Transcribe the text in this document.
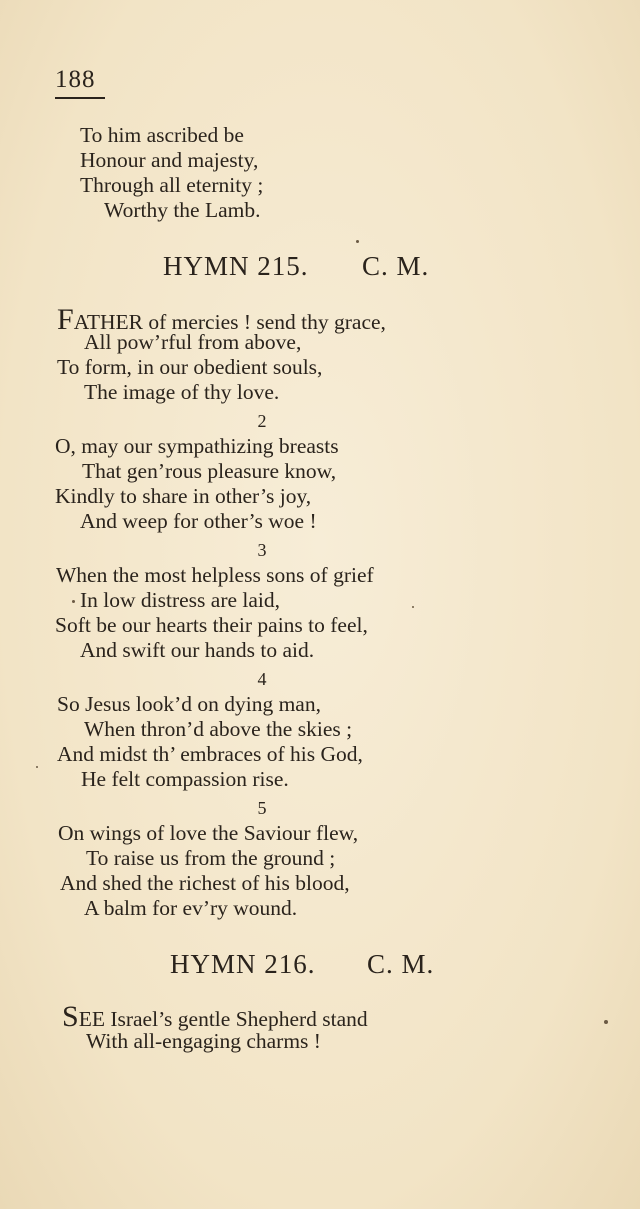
188
To him ascribed be
Honour and majesty,
Through all eternity ;
Worthy the Lamb.
HYMN 215. C. M.
FATHER of mercies ! send thy grace,
All pow’rful from above,
To form, in our obedient souls,
The image of thy love.
2
O, may our sympathizing breasts
That gen’rous pleasure know,
Kindly to share in other’s joy,
And weep for other’s woe !
3
When the most helpless sons of grief
In low distress are laid,
Soft be our hearts their pains to feel,
And swift our hands to aid.
4
So Jesus look’d on dying man,
When thron’d above the skies ;
And midst th’ embraces of his God,
He felt compassion rise.
5
On wings of love the Saviour flew,
To raise us from the ground ;
And shed the richest of his blood,
A balm for ev’ry wound.
HYMN 216. C. M.
SEE Israel’s gentle Shepherd stand
With all-engaging charms !
